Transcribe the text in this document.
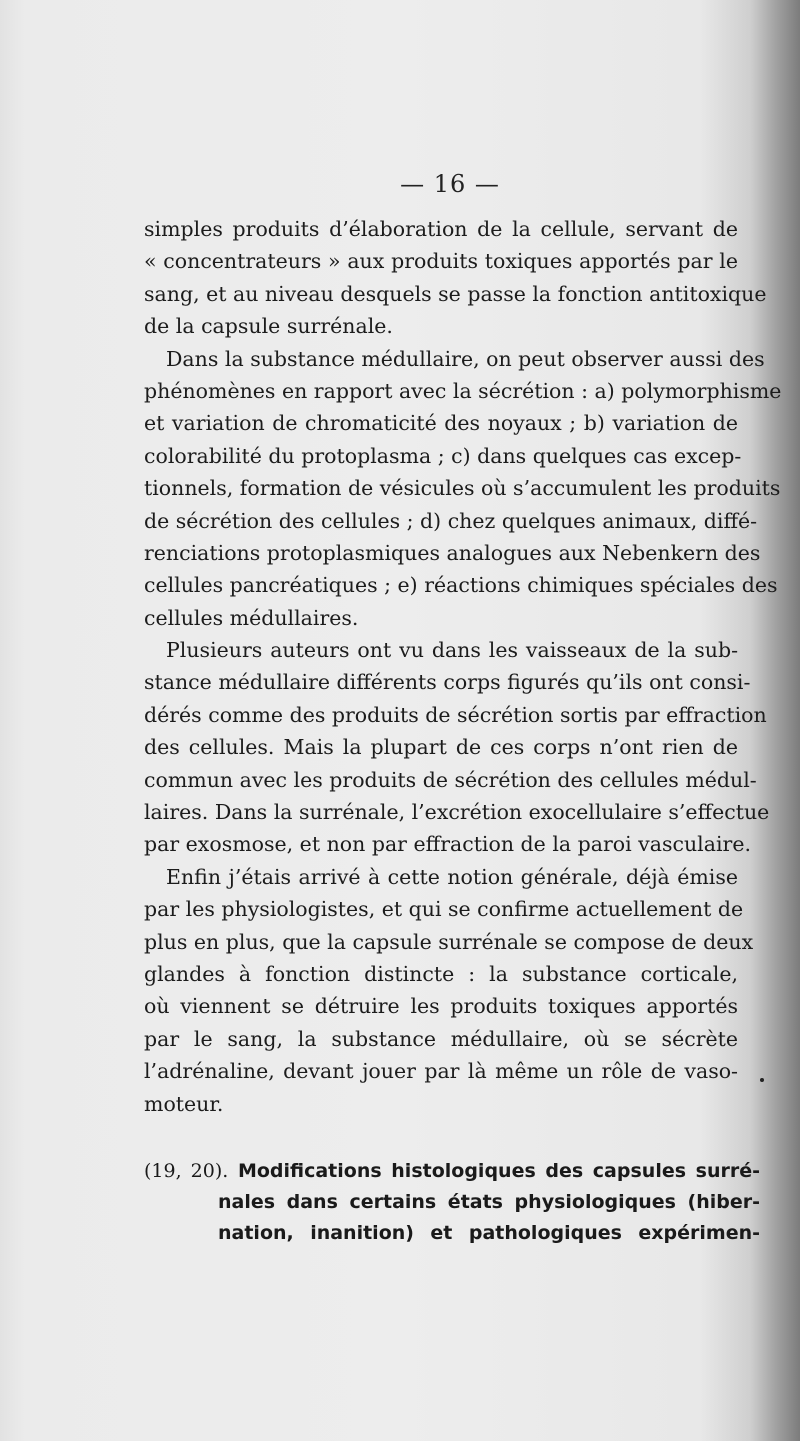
— 16 —
simples produits d’élaboration de la cellule, servant de
« concentrateurs » aux produits toxiques apportés par le
sang, et au niveau desquels se passe la fonction antitoxique
de la capsule surrénale.
Dans la substance médullaire, on peut observer aussi des
phénomènes en rapport avec la sécrétion : a) polymorphisme
et variation de chromaticité des noyaux ; b) variation de
colorabilité du protoplasma ; c) dans quelques cas excep-
tionnels, formation de vésicules où s’accumulent les produits
de sécrétion des cellules ; d) chez quelques animaux, diffé-
renciations protoplasmiques analogues aux Nebenkern des
cellules pancréatiques ; e) réactions chimiques spéciales des
cellules médullaires.
Plusieurs auteurs ont vu dans les vaisseaux de la sub-
stance médullaire différents corps figurés qu’ils ont consi-
dérés comme des produits de sécrétion sortis par effraction
des cellules. Mais la plupart de ces corps n’ont rien de
commun avec les produits de sécrétion des cellules médul-
laires. Dans la surrénale, l’excrétion exocellulaire s’effectue
par exosmose, et non par effraction de la paroi vasculaire.
Enfin j’étais arrivé à cette notion générale, déjà émise
par les physiologistes, et qui se confirme actuellement de
plus en plus, que la capsule surrénale se compose de deux
glandes à fonction distincte : la substance corticale,
où viennent se détruire les produits toxiques apportés
par le sang, la substance médullaire, où se sécrète
l’adrénaline, devant jouer par là même un rôle de vaso-
moteur.
(19, 20). Modifications histologiques des capsules surré-
nales dans certains états physiologiques (hiber-
nation, inanition) et pathologiques expérimen-
